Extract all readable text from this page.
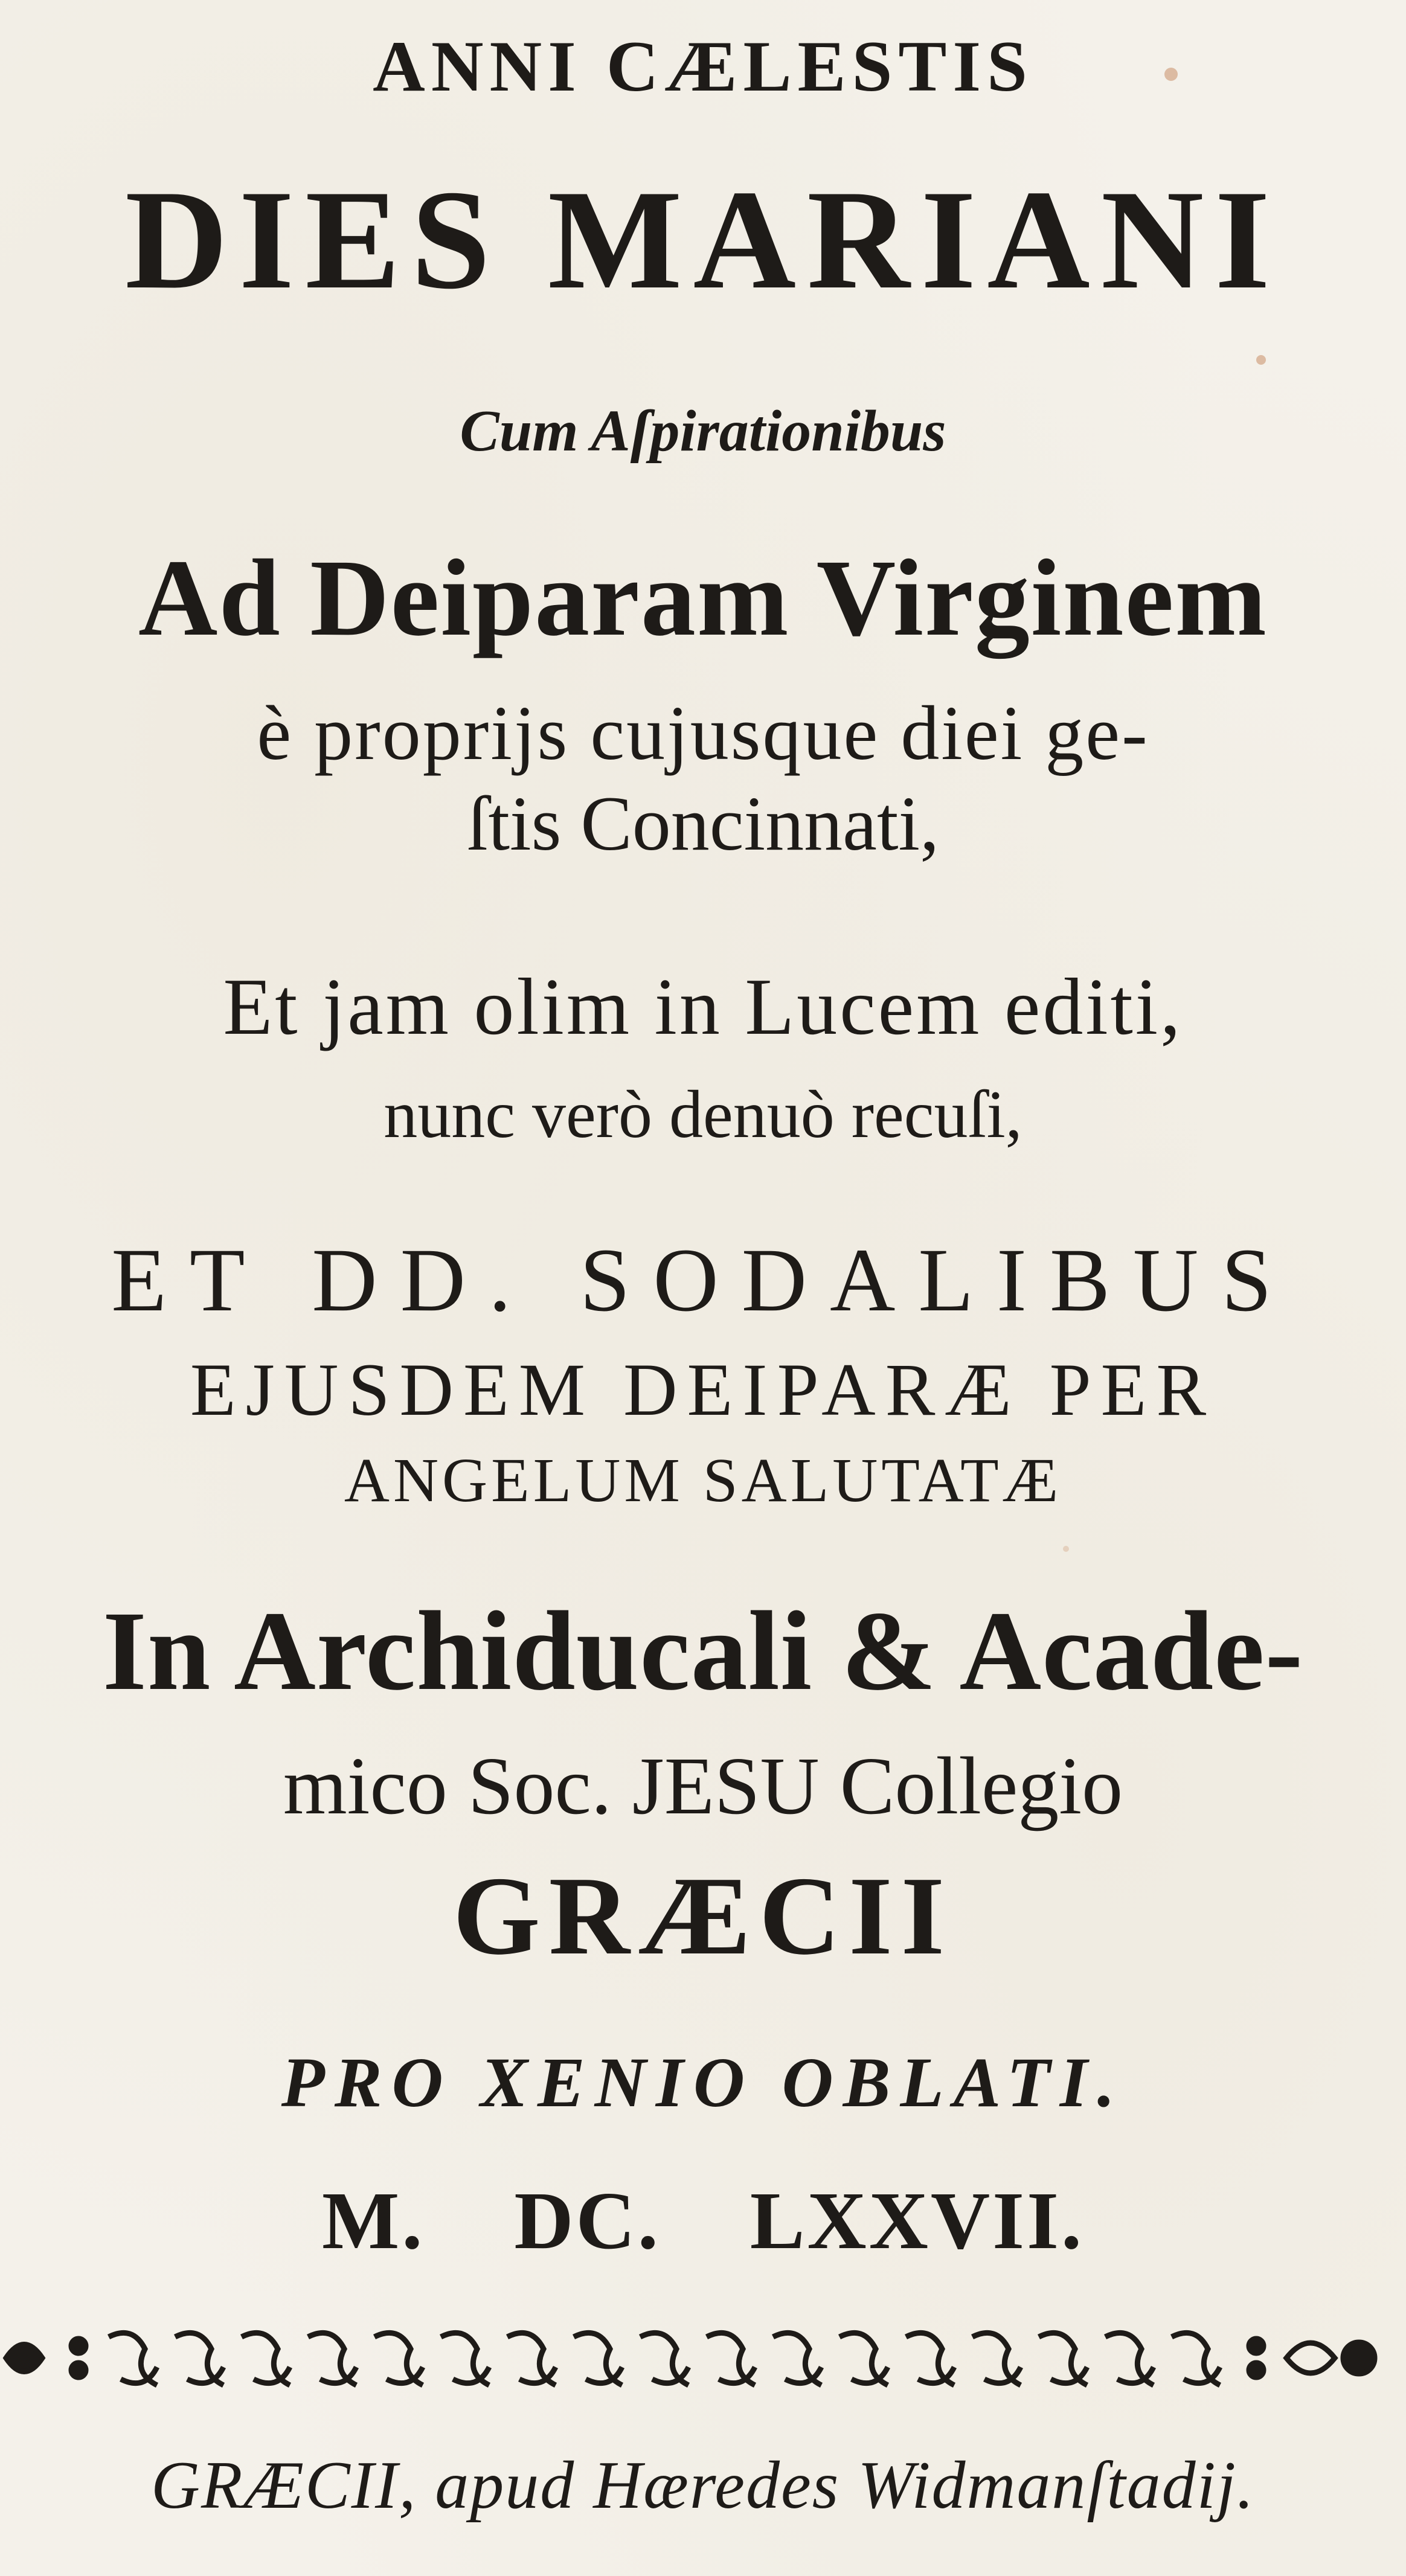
ANNI CÆLESTIS
DIES MARIANI
Cum Aſpirationibus
Ad Deiparam Virginem
è proprijs cujusque diei ge-
ſtis Concinnati,
Et jam olim in Lucem editi,
nunc verò denuò recuſi,
ET DD. SODALIBUS
EJUSDEM DEIPARÆ PER
ANGELUM SALUTATÆ
In Archiducali & Acade-
mico Soc. JESU Collegio
GRÆCII
PRO XENIO OBLATI.
M. DC. LXXVII.
GRÆCII, apud Hæredes Widmanſtadij.
